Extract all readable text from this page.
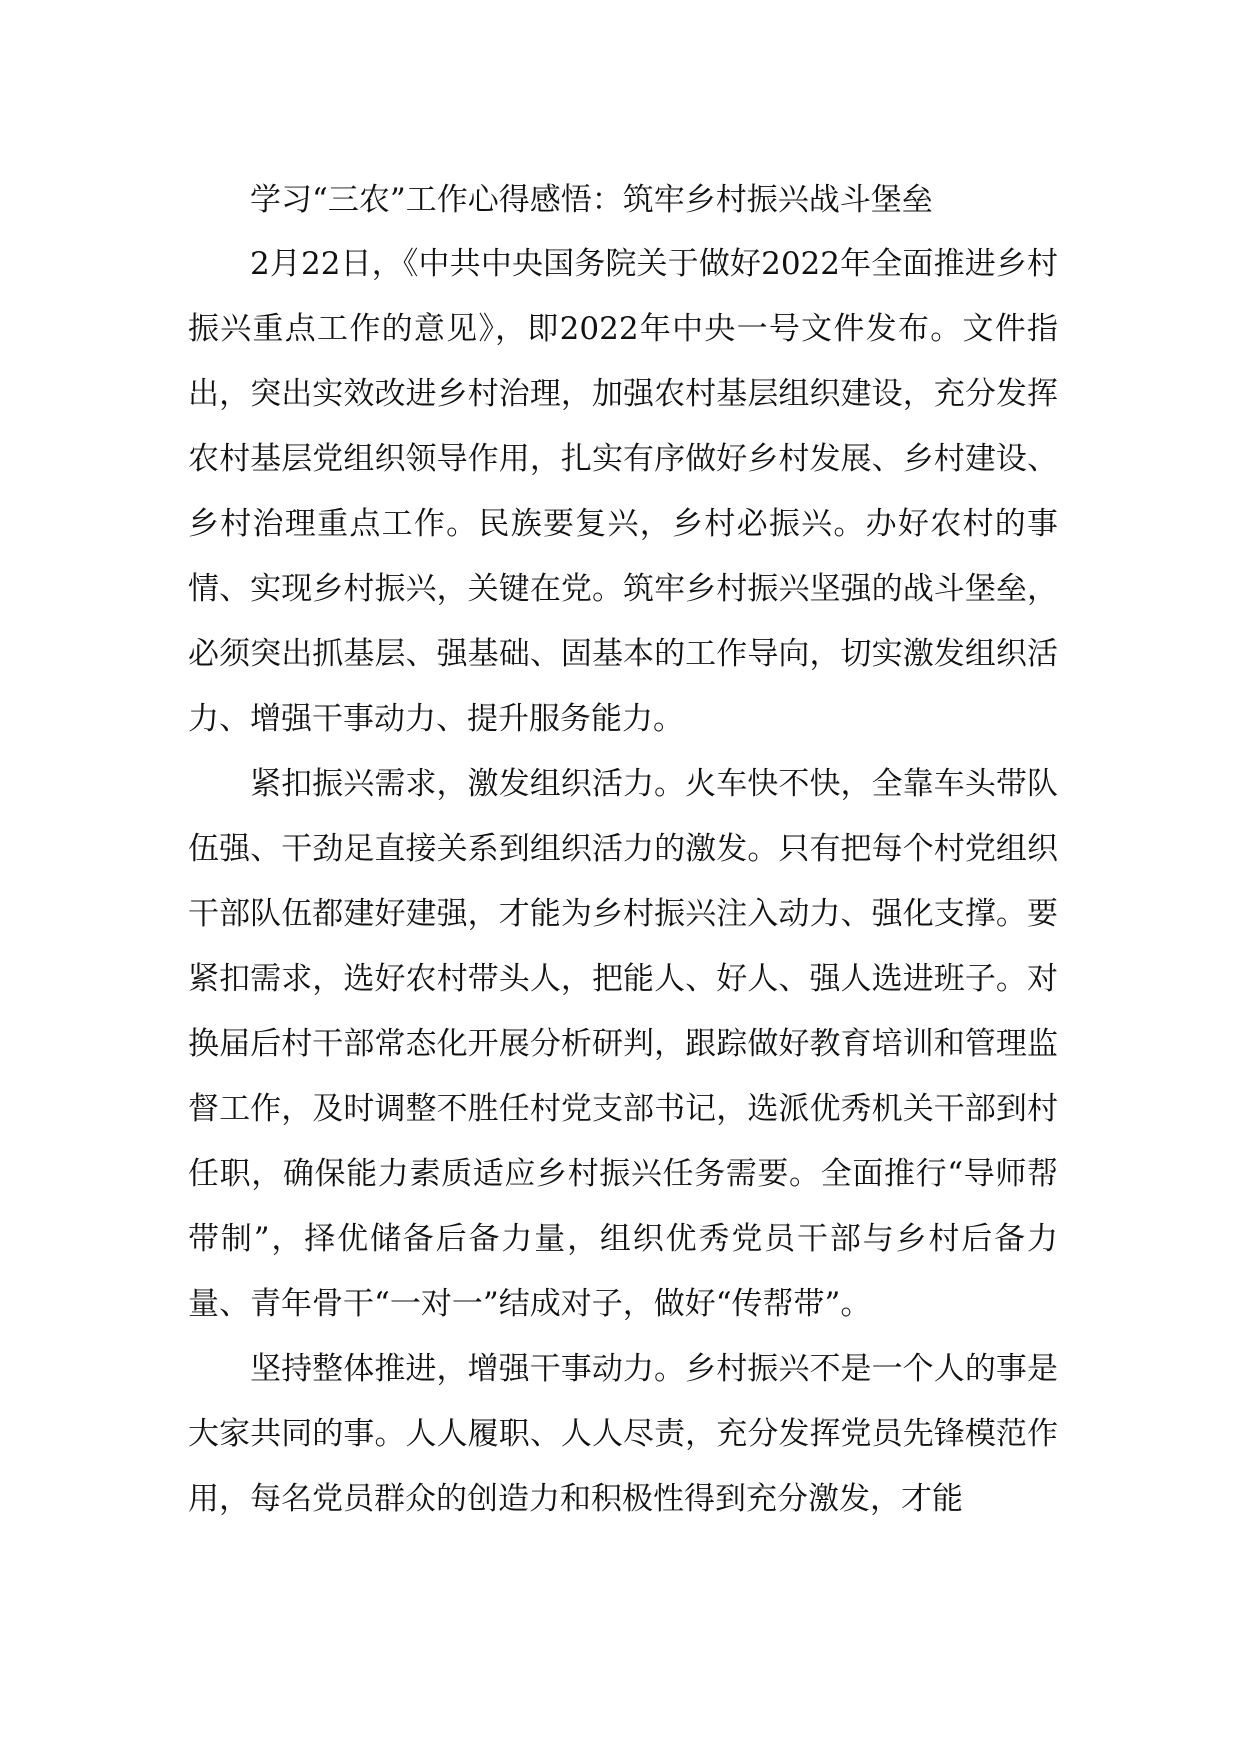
学习“三农”工作心得感悟：筑牢乡村振兴战斗堡垒

2月22日，《中共中央国务院关于做好2022年全面推进乡村振兴重点工作的意见》，即2022年中央一号文件发布。文件指出，突出实效改进乡村治理，加强农村基层组织建设，充分发挥农村基层党组织领导作用，扎实有序做好乡村发展、乡村建设、乡村治理重点工作。民族要复兴，乡村必振兴。办好农村的事情、实现乡村振兴，关键在党。筑牢乡村振兴坚强的战斗堡垒，必须突出抓基层、强基础、固基本的工作导向，切实激发组织活力、增强干事动力、提升服务能力。

紧扣振兴需求，激发组织活力。火车快不快，全靠车头带队伍强、干劲足直接关系到组织活力的激发。只有把每个村党组织干部队伍都建好建强，才能为乡村振兴注入动力、强化支撑。要紧扣需求，选好农村带头人，把能人、好人、强人选进班子。对换届后村干部常态化开展分析研判，跟踪做好教育培训和管理监督工作，及时调整不胜任村党支部书记，选派优秀机关干部到村任职，确保能力素质适应乡村振兴任务需要。全面推行“导师帮带制”，择优储备后备力量，组织优秀党员干部与乡村后备力量、青年骨干“一对一”结成对子，做好“传帮带”。

坚持整体推进，增强干事动力。乡村振兴不是一个人的事是大家共同的事。人人履职、人人尽责，充分发挥党员先锋模范作用，每名党员群众的创造力和积极性得到充分激发，才能
